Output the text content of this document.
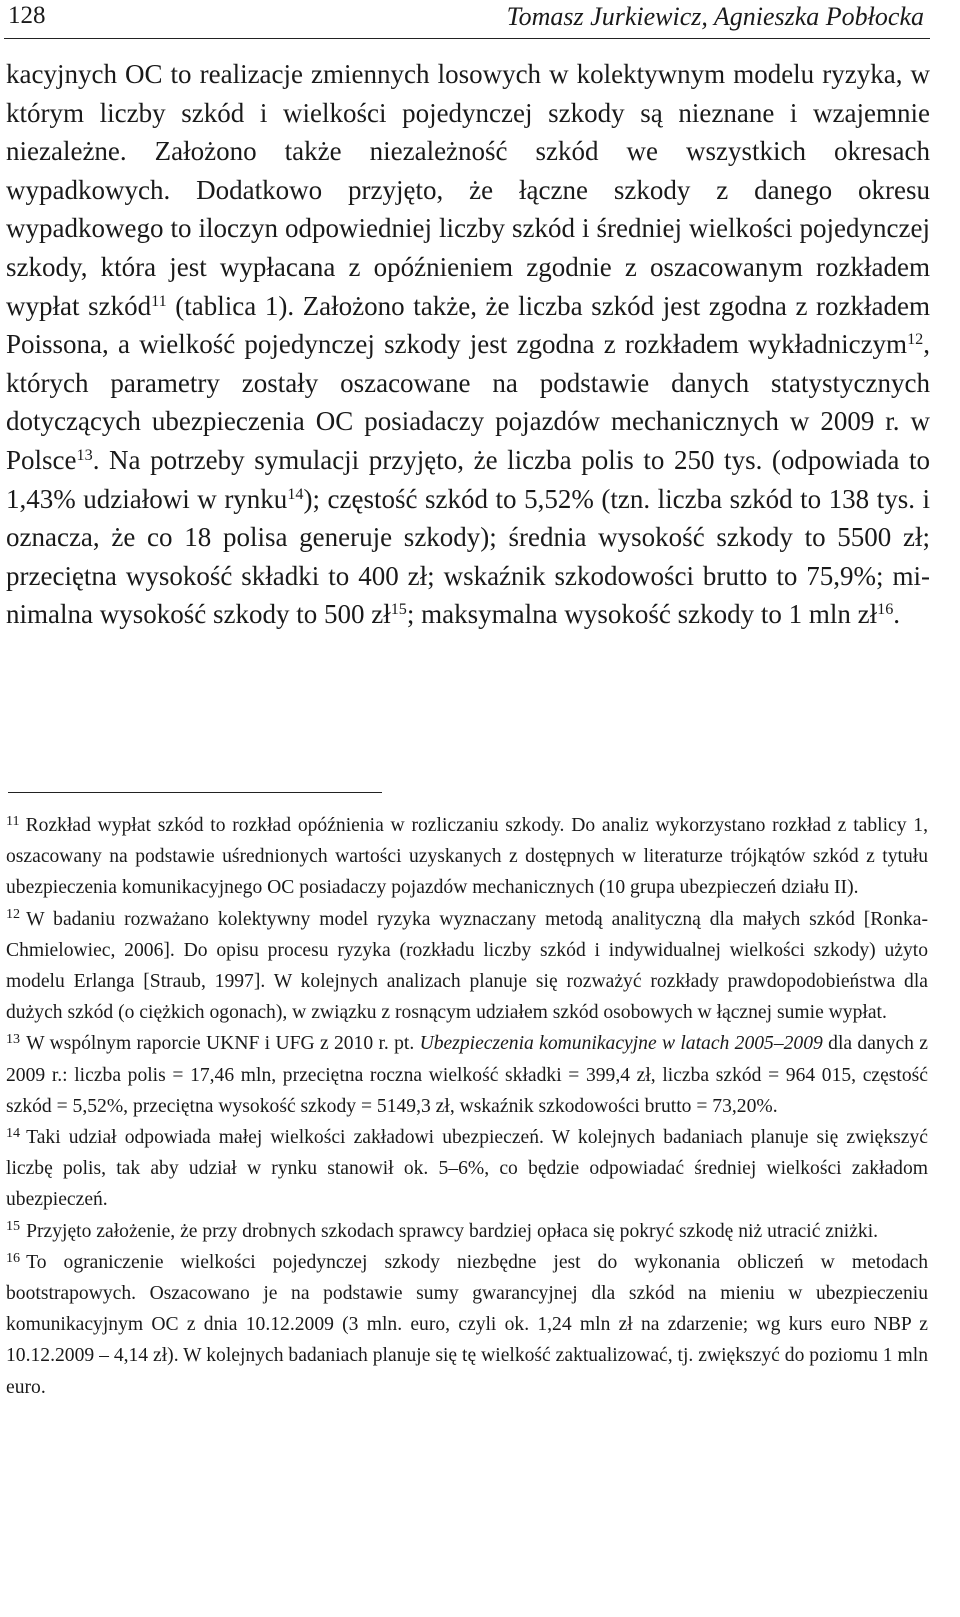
128	Tomasz Jurkiewicz, Agnieszka Pobłocka

kacyjnych OC to realizacje zmiennych losowych w kolektywnym modelu ryzyka, w którym liczby szkód i wielkości pojedynczej szkody są nieznane i wzajemnie niezależne. Założono także niezależność szkód we wszystkich okresach wypadkowych. Dodatkowo przyjęto, że łączne szkody z danego okresu wypadkowego to iloczyn odpowiedniej liczby szkód i średniej wielkości pojedynczej szkody, która jest wypłacana z opóźnieniem zgodnie z oszacowanym rozkładem wypłat szkód$^{11}$ (tablica 1). Założono także, że liczba szkód jest zgodna z rozkładem Poissona, a wielkość pojedynczej szkody jest zgodna z rozkładem wykładniczym$^{12}$, których parametry zostały oszacowane na podstawie danych statystycznych dotyczących ubezpieczenia OC posiadaczy pojazdów mechanicznych w 2009 r. w Polsce$^{13}$. Na potrzeby symulacji przyjęto, że liczba polis to 250 tys. (odpowiada to 1,43% udziałowi w rynku$^{14}$); częstość szkód to 5,52% (tzn. liczba szkód to 138 tys. i oznacza, że co 18 polisa generuje szkody); średnia wysokość szkody to 5500 zł; przeciętna wysokość składki to 400 zł; wskaźnik szkodowości brutto to 75,9%; minimalna wysokość szkody to 500 $zł^{15}$; maksymalna wysokość szkody to 1 mln $zł^{16}$.

$^{11}$ Rozkład wypłat szkód to rozkład opóźnienia w rozliczaniu szkody. Do analiz wykorzystano rozkład z tablicy 1, oszacowany na podstawie uśrednionych wartości uzyskanych z dostępnych w literaturze trójkątów szkód z tytułu ubezpieczenia komunikacyjnego OC posiadaczy pojazdów mechanicznych (10 grupa ubezpieczeń działu II).

$^{12}$ W badaniu rozważano kolektywny model ryzyka wyznaczany metodą analityczną dla małych szkód [Ronka-Chmielowiec, 2006]. Do opisu procesu ryzyka (rozkładu liczby szkód i indywidualnej wielkości szkody) użyto modelu Erlanga [Straub, 1997]. W kolejnych analizach planuje się rozważyć rozkłady prawdopodobieństwa dla dużych szkód (o ciężkich ogonach), w związku z rosnącym udziałem szkód osobowych w łącznej sumie wypłat.

$^{13}$ W wspólnym raporcie UKNF i UFG z 2010 r. pt. Ubezpieczenia komunikacyjne w latach 2005–2009 dla danych z 2009 r.: liczba polis = 17,46 mln, przeciętna roczna wielkość składki = 399,4 zł, liczba szkód = 964 015, częstość szkód = 5,52%, przeciętna wysokość szkody = 5149,3 zł, wskaźnik szkodowości brutto = 73,20%.

$^{14}$ Taki udział odpowiada małej wielkości zakładowi ubezpieczeń. W kolejnych badaniach planuje się zwiększyć liczbę polis, tak aby udział w rynku stanowił ok. 5–6%, co będzie odpowiadać średniej wielkości zakładom ubezpieczeń.

$^{15}$ Przyjęto założenie, że przy drobnych szkodach sprawcy bardziej opłaca się pokryć szkodę niż utracić zniżki.

$^{16}$ To ograniczenie wielkości pojedynczej szkody niezbędne jest do wykonania obliczeń w metodach bootstrapowych. Oszacowano je na podstawie sumy gwarancyjnej dla szkód na mieniu w ubezpieczeniu komunikacyjnym OC z dnia 10.12.2009 (3 mln. euro, czyli ok. 1,24 mln zł na zdarzenie; wg kurs euro NBP z 10.12.2009 – 4,14 zł). W kolejnych badaniach planuje się tę wielkość zaktualizować, tj. zwiększyć do poziomu 1 mln euro.
